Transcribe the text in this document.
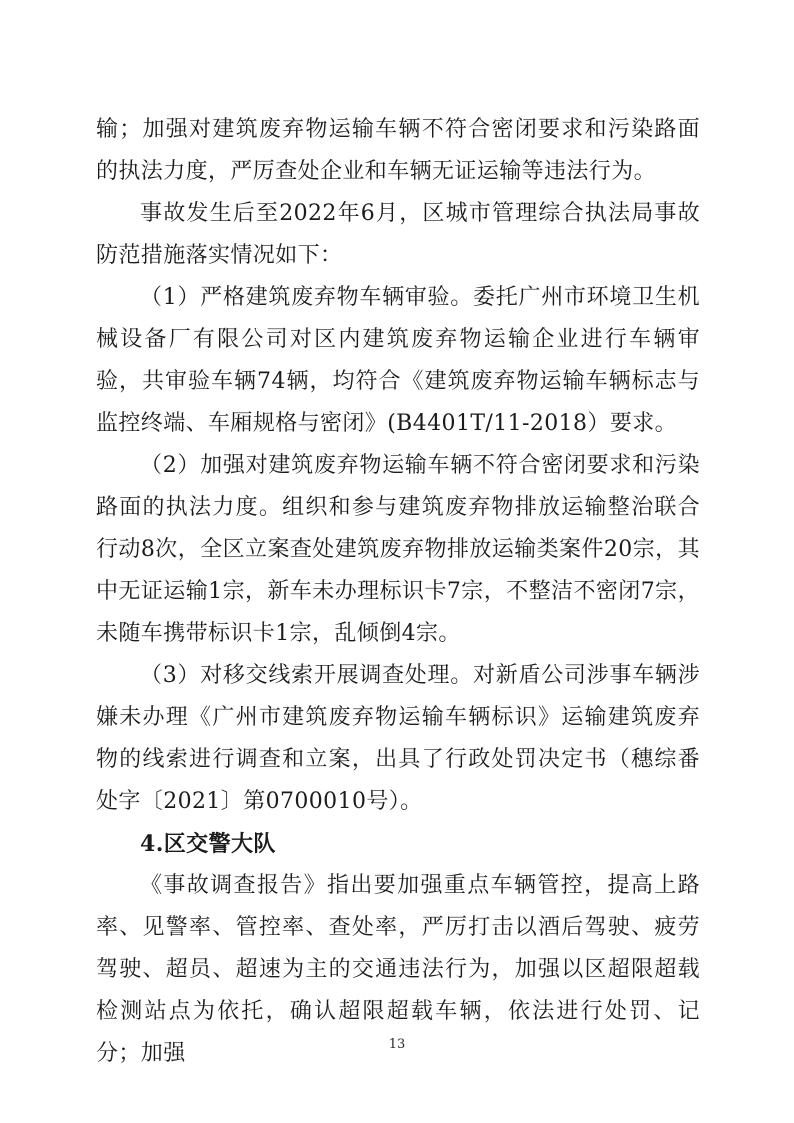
输；加强对建筑废弃物运输车辆不符合密闭要求和污染路面的执法力度，严厉查处企业和车辆无证运输等违法行为。

事故发生后至2022年6月，区城市管理综合执法局事故防范措施落实情况如下：

（1）严格建筑废弃物车辆审验。委托广州市环境卫生机械设备厂有限公司对区内建筑废弃物运输企业进行车辆审验，共审验车辆74辆，均符合《建筑废弃物运输车辆标志与监控终端、车厢规格与密闭》(B4401T/11-2018）要求。

（2）加强对建筑废弃物运输车辆不符合密闭要求和污染路面的执法力度。组织和参与建筑废弃物排放运输整治联合行动8次，全区立案查处建筑废弃物排放运输类案件20宗，其中无证运输1宗，新车未办理标识卡7宗，不整洁不密闭7宗，未随车携带标识卡1宗，乱倾倒4宗。

（3）对移交线索开展调查处理。对新盾公司涉事车辆涉嫌未办理《广州市建筑废弃物运输车辆标识》运输建筑废弃物的线索进行调查和立案，出具了行政处罚决定书（穗综番处字〔2021〕第0700010号）。

4.区交警大队

《事故调查报告》指出要加强重点车辆管控，提高上路率、见警率、管控率、查处率，严厉打击以酒后驾驶、疲劳驾驶、超员、超速为主的交通违法行为，加强以区超限超载检测站点为依托，确认超限超载车辆，依法进行处罚、记分；加强	13
